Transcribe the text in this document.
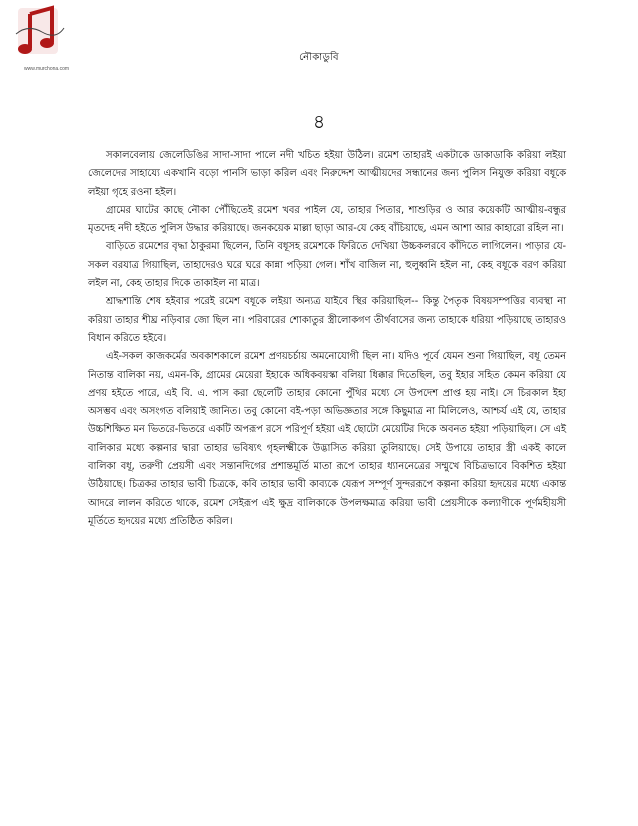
www.murchona.com
নৌকাডুবি
৪

সকালবেলায় জেলেডিঙির সাদা-সাদা পালে নদী খচিত হইয়া উঠিল। রমেশ তাহারই একটাকে ডাকাডাকি করিয়া লইয়া জেলেদের সাহায্যে একখানি বড়ো পানসি ভাড়া করিল এবং নিরুদ্দেশ আত্মীয়দের সন্ধানের জন্য পুলিস নিযুক্ত করিয়া বধূকে লইয়া গৃহে রওনা হইল।

গ্রামের ঘাটের কাছে নৌকা পৌঁছিতেই রমেশ খবর পাইল যে, তাহার পিতার, শাশুড়ির ও আর কয়েকটি আত্মীয়-বন্ধুর মৃতদেহ নদী হইতে পুলিস উদ্ধার করিয়াছে। জনকয়েক মাল্লা ছাড়া আর-যে কেহ বাঁচিয়াছে, এমন আশা আর কাহারো রহিল না।

বাড়িতে রমেশের বৃদ্ধা ঠাকুরমা ছিলেন, তিনি বধূসহ রমেশকে ফিরিতে দেখিয়া উচ্চকলরবে কাঁদিতে লাগিলেন। পাড়ার যে-সকল বরযাত্র গিয়াছিল, তাহাদেরও ঘরে ঘরে কান্না পড়িয়া গেল। শাঁখ বাজিল না, হুলুধ্বনি হইল না, কেহ বধূকে বরণ করিয়া লইল না, কেহ তাহার দিকে তাকাইল না মাত্র।

শ্রাদ্ধশান্তি শেষ হইবার পরেই রমেশ বধূকে লইয়া অন্যত্র যাইবে স্থির করিয়াছিল-- কিন্তু পৈতৃক বিষয়সম্পত্তির ব্যবস্থা না করিয়া তাহার শীঘ্র নড়িবার জো ছিল না। পরিবারের শোকাতুর স্ত্রীলোকগণ তীর্থবাসের জন্য তাহাকে ধরিয়া পড়িয়াছে তাহারও বিধান করিতে হইবে।

এই-সকল কাজকর্মের অবকাশকালে রমেশ প্রণয়চর্চায় অমনোযোগী ছিল না। যদিও পূর্বে যেমন শুনা গিয়াছিল, বধূ তেমন নিতান্ত বালিকা নয়, এমন-কি, গ্রামের মেয়েরা ইহাকে অধিকবয়স্কা বলিয়া ধিক্কার দিতেছিল, তবু ইহার সহিত কেমন করিয়া যে প্রণয় হইতে পারে, এই বি. এ. পাস করা ছেলেটি তাহার কোনো পুঁথির মধ্যে সে উপদেশ প্রাপ্ত হয় নাই। সে চিরকাল ইহা অসম্ভব এবং অসংগত বলিয়াই জানিত। তবু কোনো বই-পড়া অভিজ্ঞতার সঙ্গে কিছুমাত্র না মিলিলেও, আশ্চর্য এই যে, তাহার উচ্চশিক্ষিত মন ভিতরে-ভিতরে একটি অপরূপ রসে পরিপূর্ণ হইয়া এই ছোটো মেয়েটির দিকে অবনত হইয়া পড়িয়াছিল। সে এই বালিকার মধ্যে কল্পনার দ্বারা তাহার ভবিষ্যৎ গৃহলক্ষ্মীকে উদ্ভাসিত করিয়া তুলিয়াছে। সেই উপায়ে তাহার স্ত্রী একই কালে বালিকা বধূ, তরুণী প্রেয়সী এবং সন্তানদিগের প্রশান্তমূর্তি মাতা রূপে তাহার ধ্যাননেত্রের সম্মুখে বিচিত্রভাবে বিকশিত হইয়া উঠিয়াছে। চিত্রকর তাহার ভাবী চিত্রকে, কবি তাহার ভাবী কাব্যকে যেরূপ সম্পূর্ণ সুন্দররূপে কল্পনা করিয়া হৃদয়ের মধ্যে একান্ত আদরে লালন করিতে থাকে, রমেশ সেইরূপ এই ক্ষুদ্র বালিকাকে উপলক্ষমাত্র করিয়া ভাবী প্রেয়সীকে কল্যাণীকে পূর্ণমহীয়সী মূর্তিতে হৃদয়ের মধ্যে প্রতিষ্ঠিত করিল।
